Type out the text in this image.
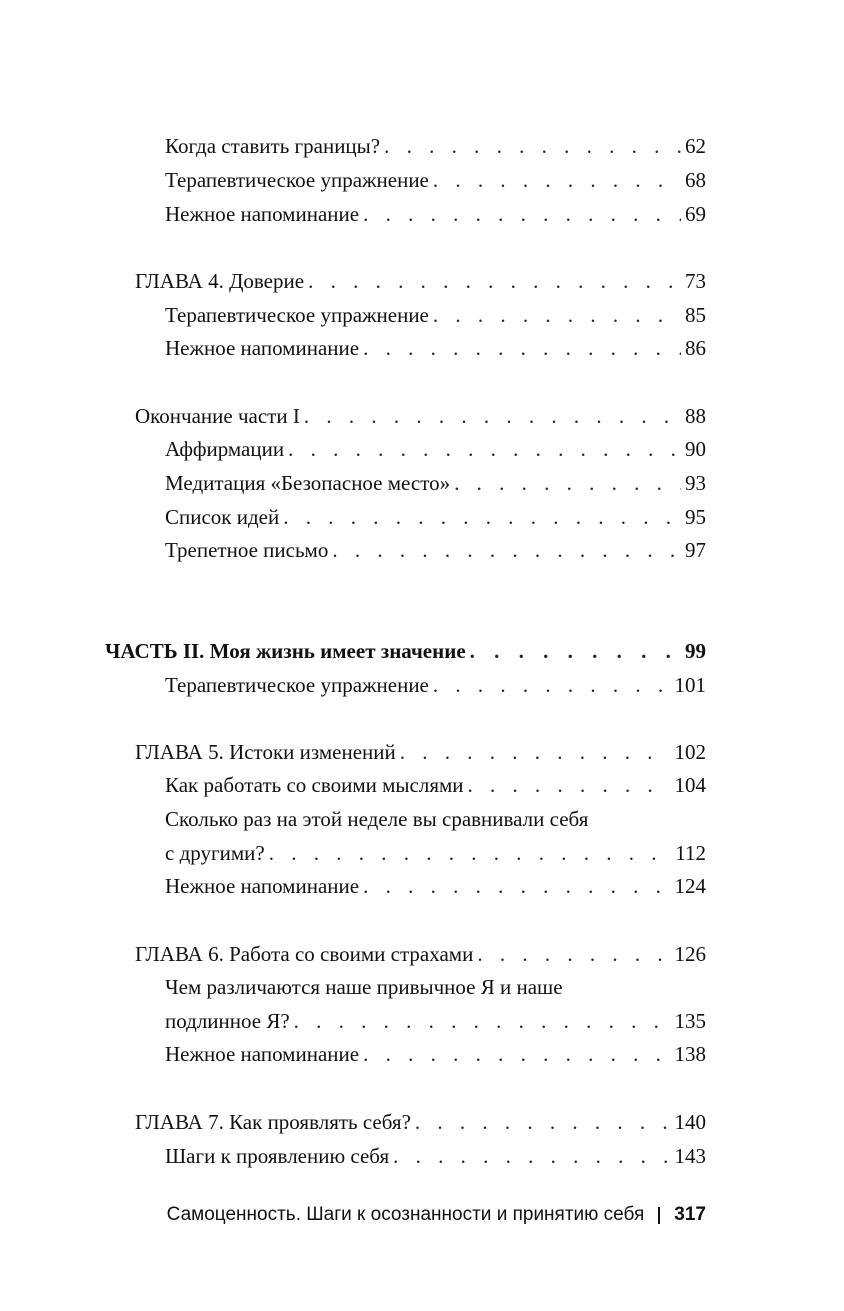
Когда ставить границы? . . .	62
Терапевтическое упражнение . . .	68
Нежное напоминание . . .	69
ГЛАВА 4. Доверие . . .	73
Терапевтическое упражнение . . .	85
Нежное напоминание . . .	86
Окончание части I . . .	88
Аффирмации . . .	90
Медитация «Безопасное место» . . .	93
Список идей . . .	95
Трепетное письмо . . .	97
ЧАСТЬ II. Моя жизнь имеет значение . . .	99
Терапевтическое упражнение . . .	101
ГЛАВА 5. Истоки изменений . . .	102
Как работать со своими мыслями . . .	104
Сколько раз на этой неделе вы сравнивали себя
с другими? . . .	112
Нежное напоминание . . .	124
ГЛАВА 6. Работа со своими страхами . . .	126
Чем различаются наше привычное Я и наше
подлинное Я? . . .	135
Нежное напоминание . . .	138
ГЛАВА 7. Как проявлять себя? . . .	140
Шаги к проявлению себя . . .	143
Самоценность. Шаги к осознанности и принятию себя 317
